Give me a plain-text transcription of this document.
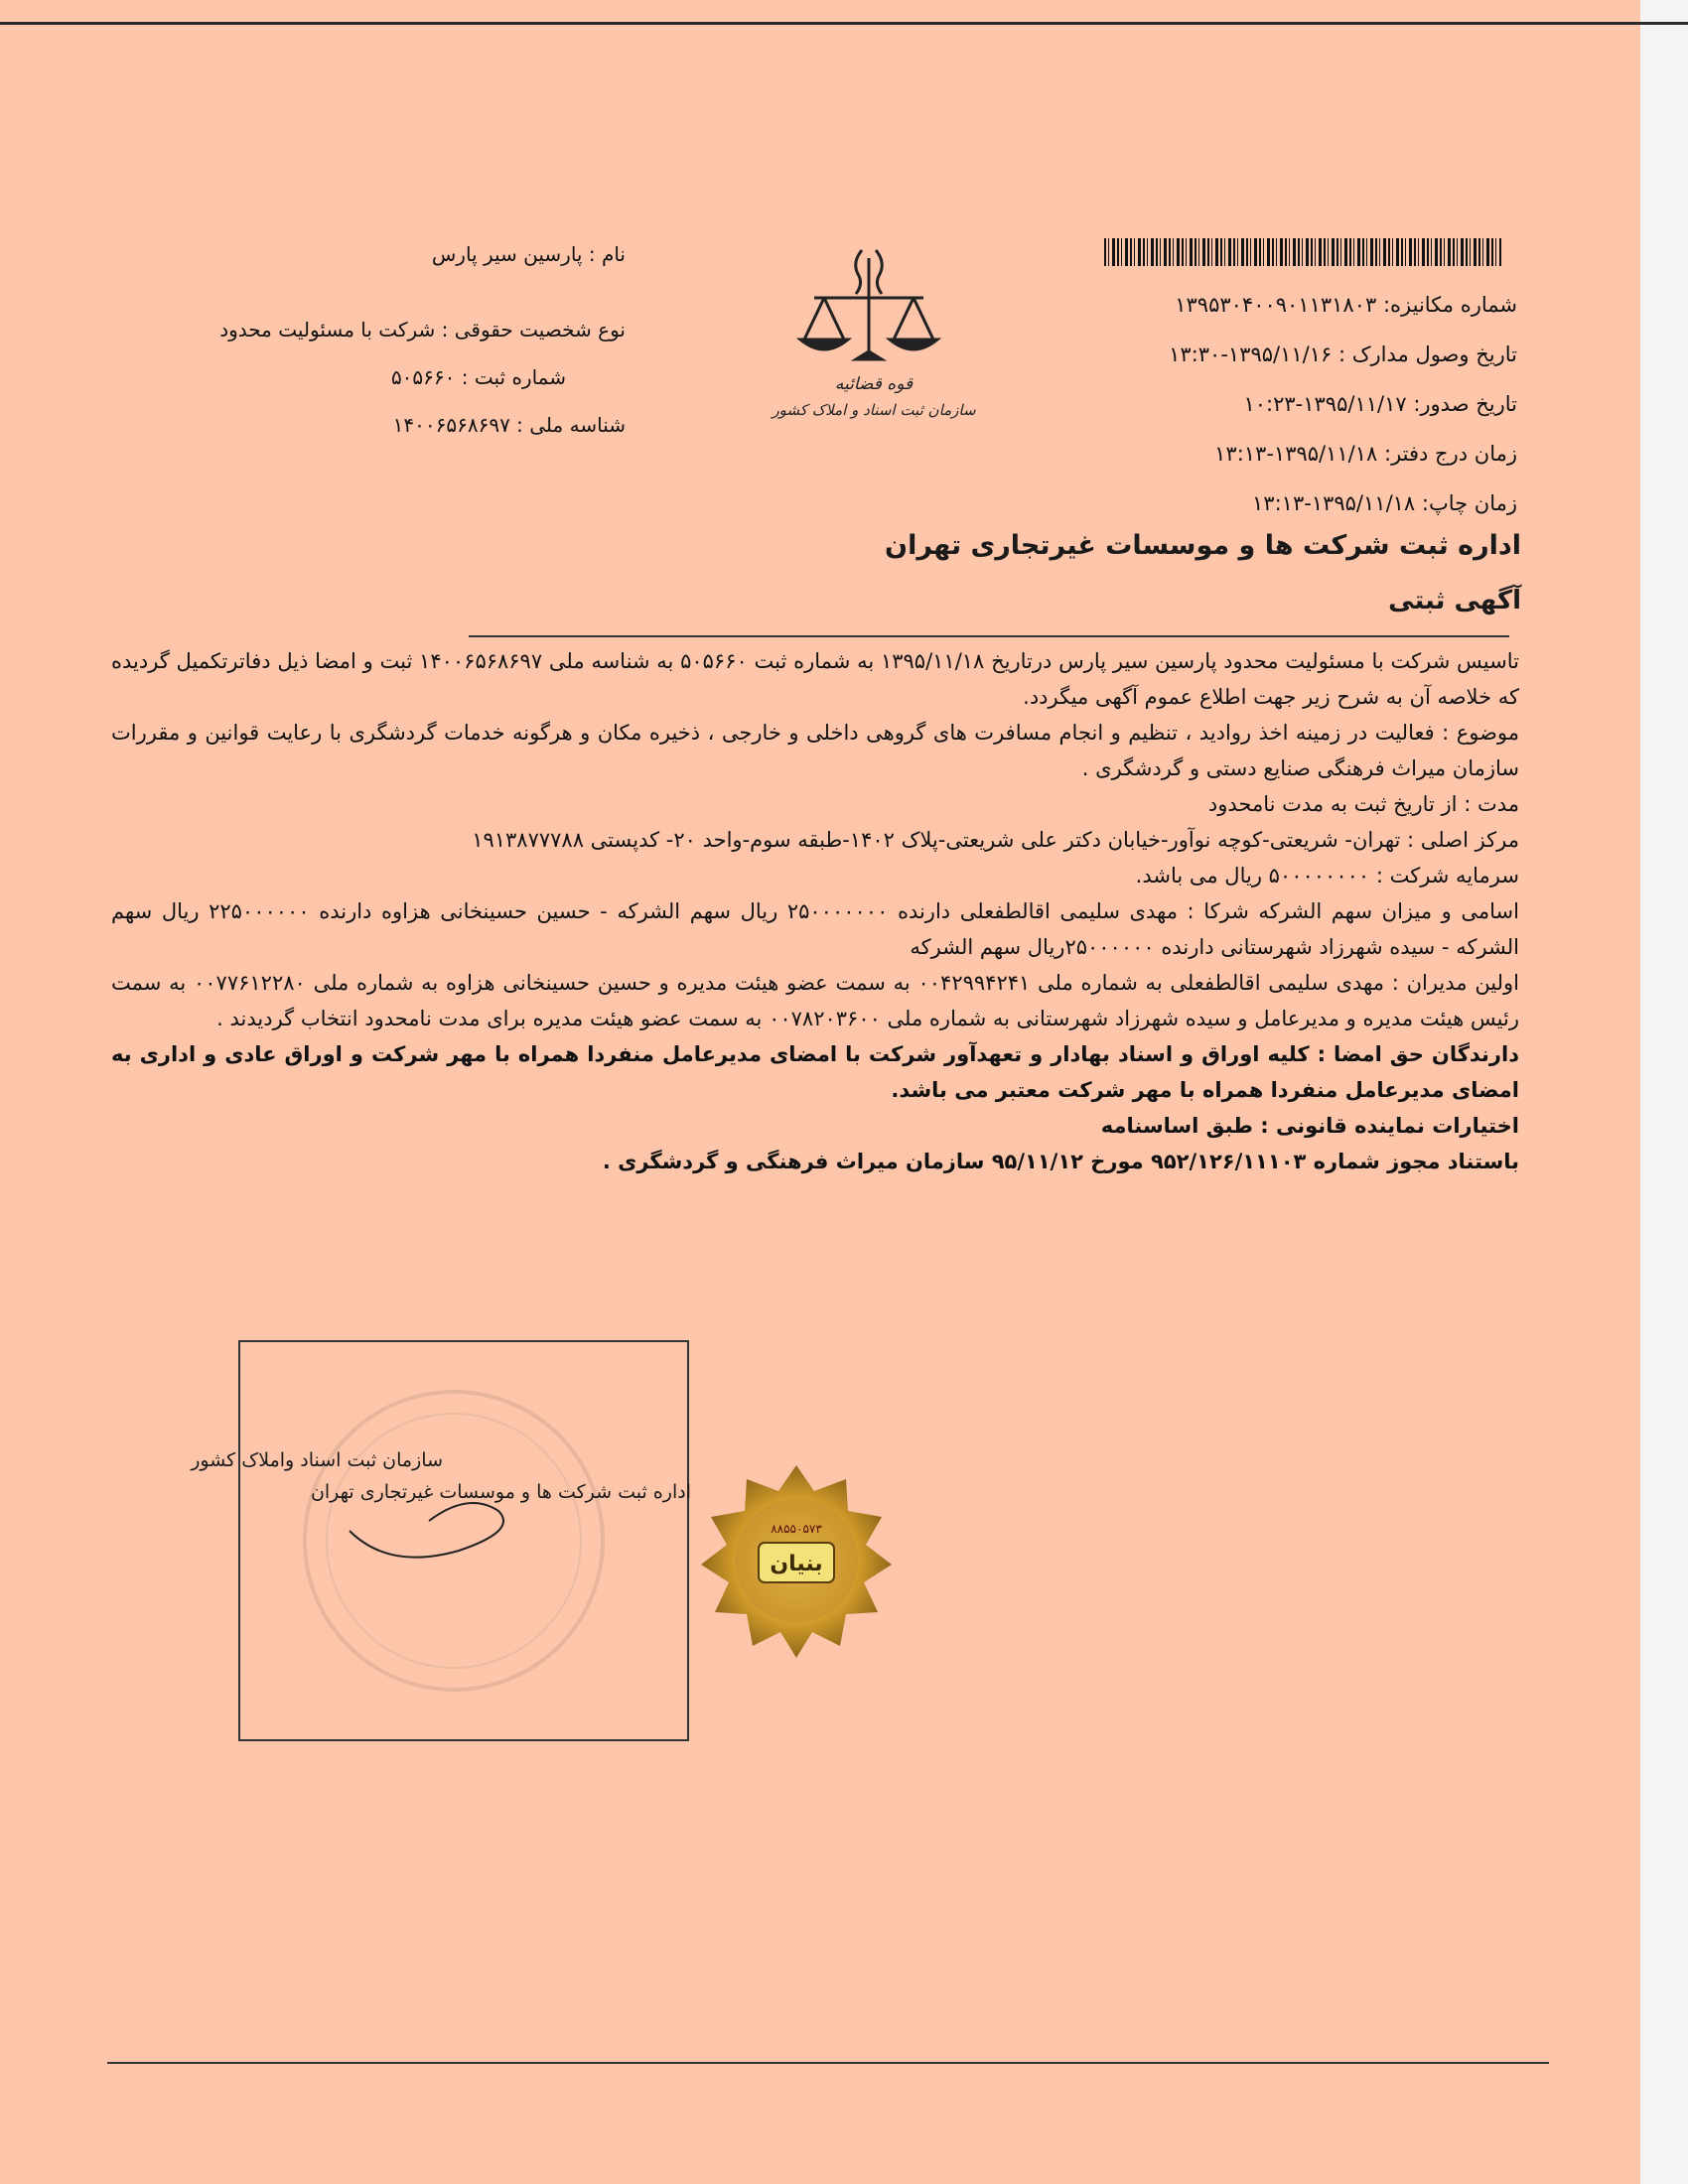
شماره مکانیزه: ۱۳۹۵۳۰۴۰۰۹۰۱۱۳۱۸۰۳
تاریخ وصول مدارک : ۱۳۹۵/۱۱/۱۶-۱۳:۳۰
تاریخ صدور: ۱۳۹۵/۱۱/۱۷-۱۰:۲۳
زمان درج دفتر: ۱۳۹۵/۱۱/۱۸-۱۳:۱۳
زمان چاپ: ۱۳۹۵/۱۱/۱۸-۱۳:۱۳
نام : پارسین سیر پارس
نوع شخصیت حقوقی : شرکت با مسئولیت محدود
شماره ثبت : ۵۰۵۶۶۰
شناسه ملی : ۱۴۰۰۶۵۶۸۶۹۷
قوه قضائیه
سازمان ثبت اسناد و املاک کشور
اداره ثبت شرکت ها و موسسات غیرتجاری تهران
آگهی ثبتی

تاسیس شرکت با مسئولیت محدود پارسین سیر پارس درتاریخ ۱۳۹۵/۱۱/۱۸ به شماره ثبت ۵۰۵۶۶۰ به شناسه ملی ۱۴۰۰۶۵۶۸۶۹۷ ثبت و امضا ذیل دفاترتکمیل گردیده که خلاصه آن به شرح زیر جهت اطلاع عموم آگهی میگردد.

موضوع : فعالیت در زمینه اخذ روادید ، تنظیم و انجام مسافرت های گروهی داخلی و خارجی ، ذخیره مکان و هرگونه خدمات گردشگری با رعایت قوانین و مقررات سازمان میراث فرهنگی صنایع دستی و گردشگری .

مدت : از تاریخ ثبت به مدت نامحدود

مرکز اصلی : تهران- شریعتی-کوچه نوآور-خیابان دکتر علی شریعتی-پلاک ۱۴۰۲-طبقه سوم-واحد ۲۰- کدپستی ۱۹۱۳۸۷۷۷۸۸

سرمایه شرکت : ۵۰۰۰۰۰۰۰۰ ریال می باشد.

اسامی و میزان سهم الشرکه شرکا : مهدی سلیمی اقالطفعلی دارنده ۲۵۰۰۰۰۰۰۰ ریال سهم الشرکه - حسین حسینخانی هزاوه دارنده ۲۲۵۰۰۰۰۰۰ ریال سهم الشرکه - سیده شهرزاد شهرستانی دارنده ۲۵۰۰۰۰۰۰ریال سهم الشرکه

اولین مدیران : مهدی سلیمی اقالطفعلی به شماره ملی ۰۰۴۲۹۹۴۲۴۱ به سمت عضو هیئت مدیره و حسین حسینخانی هزاوه به شماره ملی ۰۰۷۷۶۱۲۲۸۰ به سمت رئیس هیئت مدیره و مدیرعامل و سیده شهرزاد شهرستانی به شماره ملی ۰۰۷۸۲۰۳۶۰۰ به سمت عضو هیئت مدیره برای مدت نامحدود انتخاب گردیدند .

دارندگان حق امضا : کلیه اوراق و اسناد بهادار و تعهدآور شرکت با امضای مدیرعامل منفردا همراه با مهر شرکت و اوراق عادی و اداری به امضای مدیرعامل منفردا همراه با مهر شرکت معتبر می باشد.

اختیارات نماینده قانونی : طبق اساسنامه

باستناد مجوز شماره ۹۵۲/۱۲۶/۱۱۱۰۳ مورخ ۹۵/۱۱/۱۲ سازمان میراث فرهنگی و گردشگری .

سازمان ثبت اسناد واملاک کشور
اداره ثبت شرکت ها و موسسات غیرتجاری تهران
بنیان
۸۸۵۵۰۵۷۳
